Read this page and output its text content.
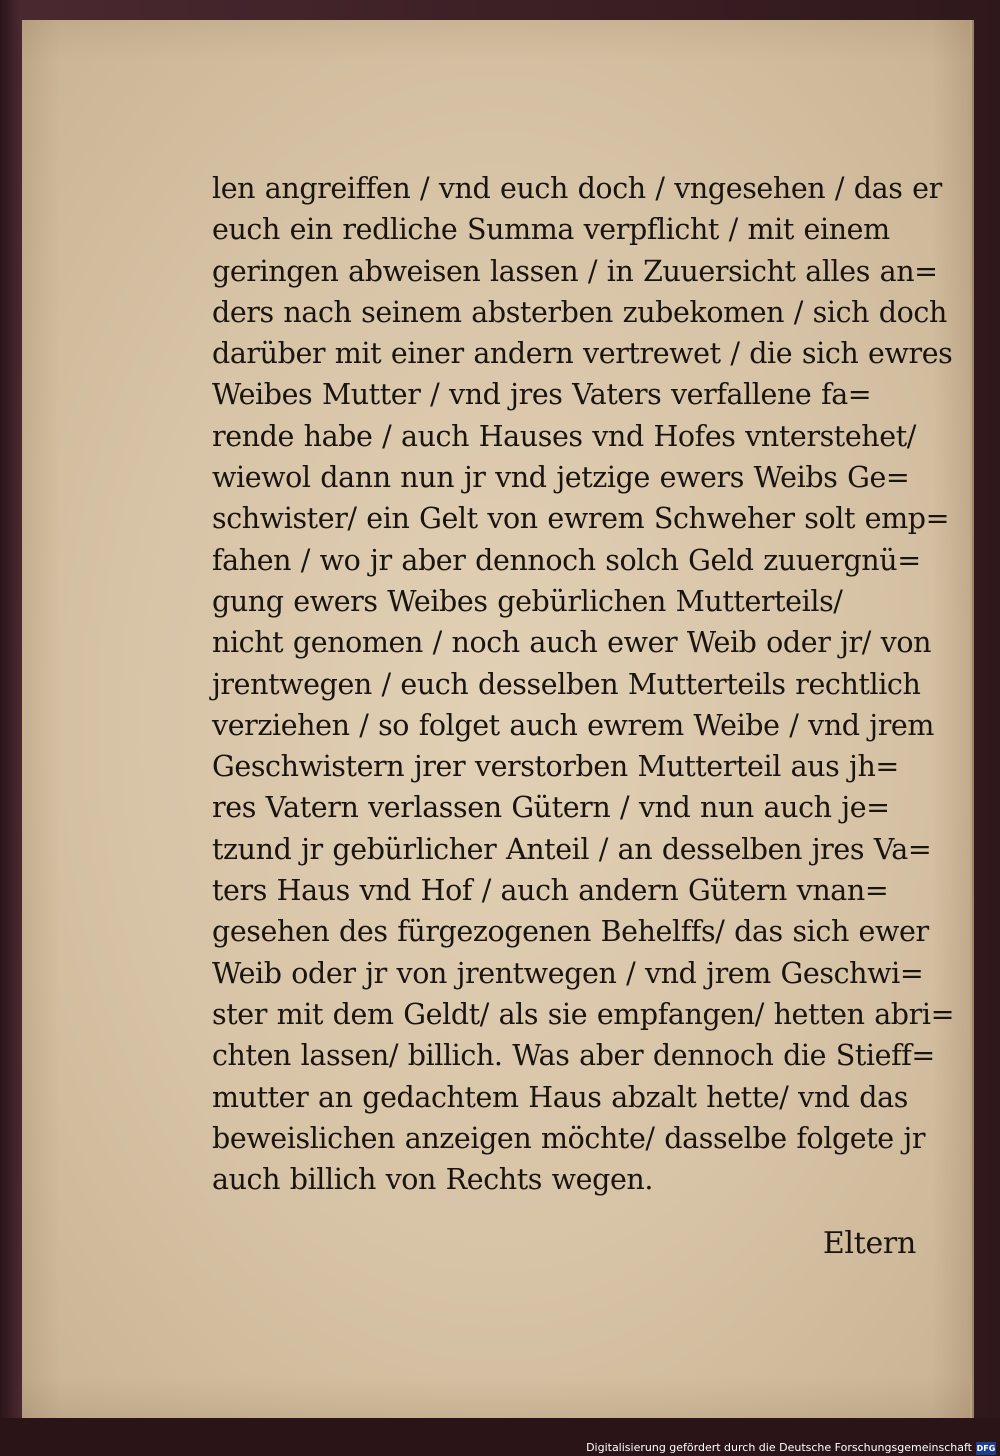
len angreiffen / vnd euch doch / vngesehen / das er
euch ein redliche Summa verpflicht / mit einem
geringen abweisen lassen / in Zuuersicht alles an=
ders nach seinem absterben zubekomen / sich doch
darüber mit einer andern vertrewet / die sich ewres
Weibes Mutter / vnd jres Vaters verfallene fa=
rende habe / auch Hauses vnd Hofes vnterstehet/
wiewol dann nun jr vnd jetzige ewers Weibs Ge=
schwister/ ein Gelt von ewrem Schweher solt emp=
fahen / wo jr aber dennoch solch Geld zuuergnü=
gung ewers Weibes gebürlichen Mutterteils/
nicht genomen / noch auch ewer Weib oder jr/ von
jrentwegen / euch desselben Mutterteils rechtlich
verziehen / so folget auch ewrem Weibe / vnd jrem
Geschwistern jrer verstorben Mutterteil aus jh=
res Vatern verlassen Gütern / vnd nun auch je=
tzund jr gebürlicher Anteil / an desselben jres Va=
ters Haus vnd Hof / auch andern Gütern vnan=
gesehen des fürgezogenen Behelffs/ das sich ewer
Weib oder jr von jrentwegen / vnd jrem Geschwi=
ster mit dem Geldt/ als sie empfangen/ hetten abri=
chten lassen/ billich. Was aber dennoch die Stieff=
mutter an gedachtem Haus abzalt hette/ vnd das
beweislichen anzeigen möchte/ dasselbe folgete jr
auch billich von Rechts wegen.
Eltern
Digitalisierung gefördert durch die Deutsche Forschungsgemeinschaft DFG
